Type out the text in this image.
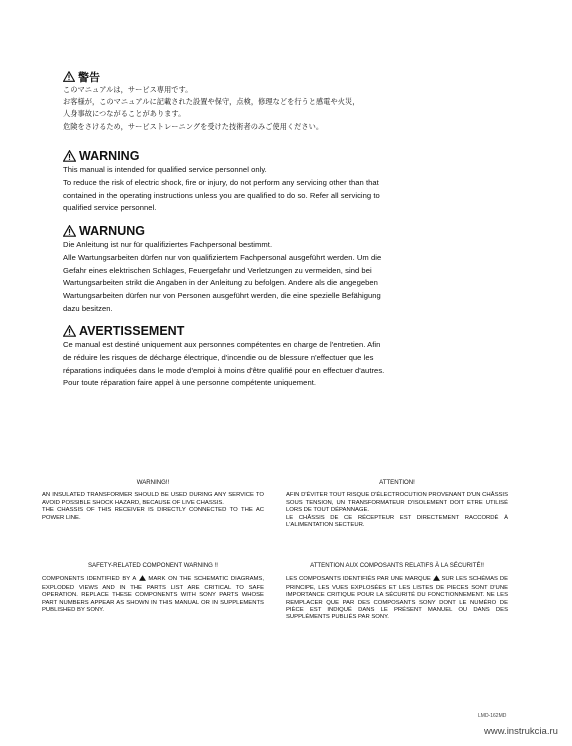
警告
このマニュアルは，サービス専用です。
お客様が，このマニュアルに記載された設置や保守，点検，修理などを行うと感電や火災，
人身事故につながることがあります。
危険をさけるため，サービストレーニングを受けた技術者のみご使用ください。
WARNING
This manual is intended for qualified service personnel only.
To reduce the risk of electric shock, fire or injury, do not perform any servicing other than that
contained in the operating instructions unless you are qualified to do so. Refer all servicing to
qualified service personnel.
WARNUNG
Die Anleitung ist nur für qualifiziertes Fachpersonal bestimmt.
Alle Wartungsarbeiten dürfen nur von qualifiziertem Fachpersonal ausgeführt werden. Um die
Gefahr eines elektrischen Schlages, Feuergefahr und Verletzungen zu vermeiden, sind bei
Wartungsarbeiten strikt die Angaben in der Anleitung zu befolgen. Andere als die angegeben
Wartungsarbeiten dürfen nur von Personen ausgeführt werden, die eine spezielle Befähigung
dazu besitzen.
AVERTISSEMENT
Ce manual est destiné uniquement aux personnes compétentes en charge de l'entretien. Afin
de réduire les risques de décharge électrique, d'incendie ou de blessure n'effectuer que les
réparations indiquées dans le mode d'emploi à moins d'être qualifié pour en effectuer d'autres.
Pour toute réparation faire appel à une personne compétente uniquement.
WARNING!!
AN INSULATED TRANSFORMER SHOULD BE USED DURING ANY SERVICE TO AVOID POSSIBLE SHOCK HAZARD, BECAUSE OF LIVE CHASSIS.
THE CHASSIS OF THIS RECEIVER IS DIRECTLY CONNECTED TO THE AC POWER LINE.
SAFETY-RELATED COMPONENT WARNING !!
COMPONENTS IDENTIFIED BY A MARK ON THE SCHEMATIC DIAGRAMS, EXPLODED VIEWS AND IN THE PARTS LIST ARE CRITICAL TO SAFE OPERATION. REPLACE THESE COMPONENTS WITH SONY PARTS WHOSE PART NUMBERS APPEAR AS SHOWN IN THIS MANUAL OR IN SUPPLEMENTS PUBLISHED BY SONY.
ATTENTION!
AFIN D'ÉVITER TOUT RISQUE D'ÉLECTROCUTION PROVENANT D'UN CHÂSSIS SOUS TENSION, UN TRANSFORMATEUR D'ISOLEMENT DOIT ETRE UTILISÉ LORS DE TOUT DÉPANNAGE.
LE CHÂSSIS DE CE RÉCEPTEUR EST DIRECTEMENT RACCORDÉ À L'ALIMENTATION SECTEUR.
ATTENTION AUX COMPOSANTS RELATIFS À LA SÉCURITÉ!!
LES COMPOSANTS IDENTIFIÉS PAR UNE MARQUE SUR LES SCHÉMAS DE PRINCIPE, LES VUES EXPLOSÉES ET LES LISTES DE PIECES SONT D'UNE IMPORTANCE CRITIQUE POUR LA SÉCURITÉ DU FONCTIONNEMENT. NE LES REMPLACER QUE PAR DES COMPOSANTS SONY DONT LE NUMÉRO DE PIÈCE EST INDIQUÉ DANS LE PRÉSENT MANUEL OU DANS DES SUPPLÉMENTS PUBLIÉS PAR SONY.
LMD-162MD
www.instrukcia.ru
